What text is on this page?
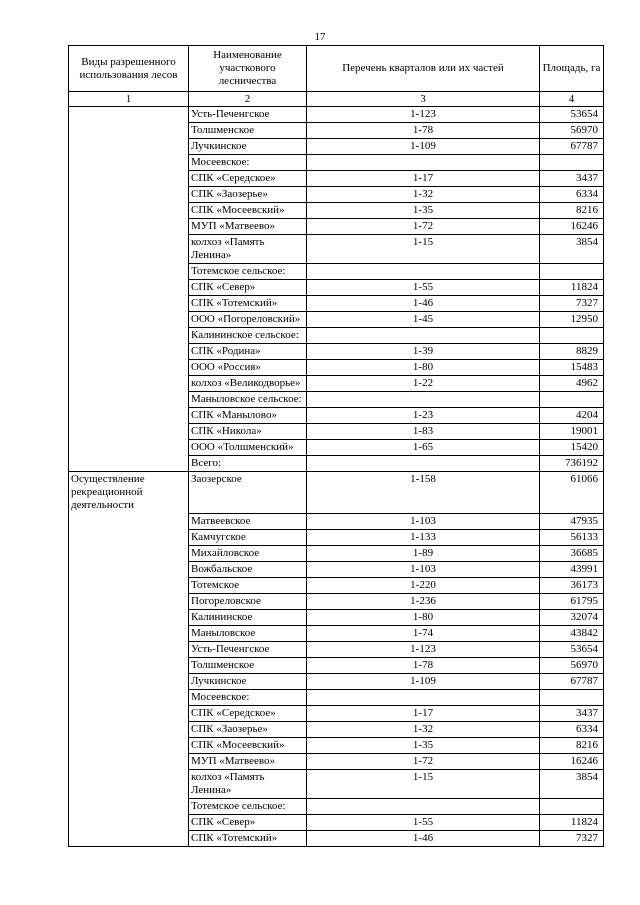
17
Виды разрешенного использования лесов	Наименование участкового лесничества	Перечень кварталов или их частей	Площадь, га
1	2	3	4
	Усть-Печенгское	1-123	53654
	Толшменское	1-78	56970
	Лучкинское	1-109	67787
	Мосеевское:		
	СПК «Середское»	1-17	3437
	СПК «Заозерье»	1-32	6334
	СПК «Мосеевский»	1-35	8216
	МУП «Матвеево»	1-72	16246
	колхоз «Память Ленина»	1-15	3854
	Тотемское сельское:		
	СПК «Север»	1-55	11824
	СПК «Тотемский»	1-46	7327
	ООО «Погореловский»	1-45	12950
	Калининское сельское:		
	СПК «Родина»	1-39	8829
	ООО «Россия»	1-80	15483
	колхоз «Великодворье»	1-22	4962
	Маныловское сельское:		
	СПК «Маныловo»	1-23	4204
	СПК «Никола»	1-83	19001
	ООО «Толшменский»	1-65	15420
	Всего:		736192
Осуществление рекреационной деятельности	Заозерское	1-158	61066
	Матвеевское	1-103	47935
	Камчугское	1-133	56133
	Михайловское	1-89	36685
	Вожбальское	1-103	43991
	Тотемское	1-220	36173
	Погореловское	1-236	61795
	Калининское	1-80	32074
	Маныловское	1-74	43842
	Усть-Печенгское	1-123	53654
	Толшменское	1-78	56970
	Лучкинское	1-109	67787
	Мосеевское:		
	СПК «Середское»	1-17	3437
	СПК «Заозерье»	1-32	6334
	СПК «Мосеевский»	1-35	8216
	МУП «Матвеево»	1-72	16246
	колхоз «Память Ленина»	1-15	3854
	Тотемское сельское:		
	СПК «Север»	1-55	11824
	СПК «Тотемский»	1-46	7327
